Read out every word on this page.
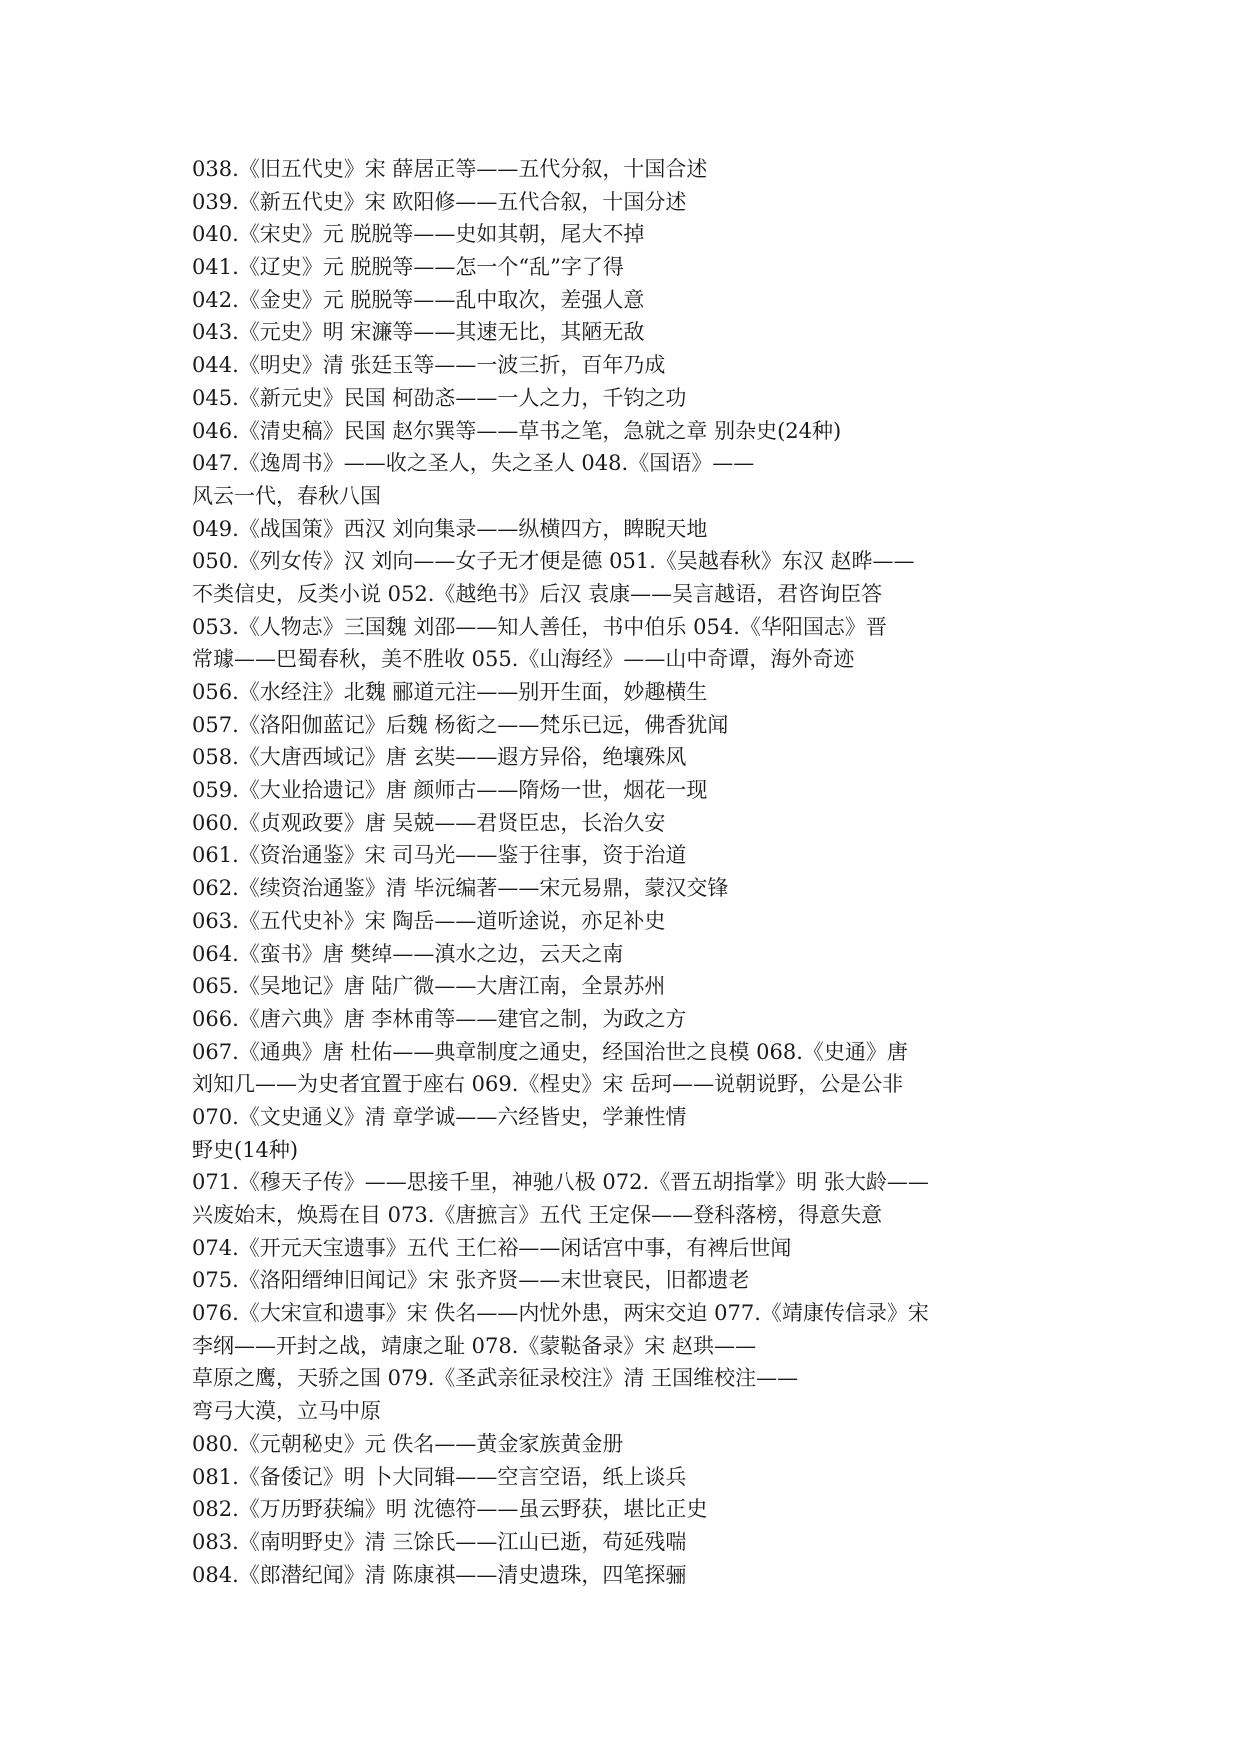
038.《旧五代史》宋 薛居正等——五代分叙，十国合述
039.《新五代史》宋 欧阳修——五代合叙，十国分述
040.《宋史》元 脱脱等——史如其朝，尾大不掉
041.《辽史》元 脱脱等——怎一个“乱”字了得
042.《金史》元 脱脱等——乱中取次，差强人意
043.《元史》明 宋濂等——其速无比，其陋无敌
044.《明史》清 张廷玉等——一波三折，百年乃成
045.《新元史》民国 柯劭忞——一人之力，千钧之功
046.《清史稿》民国 赵尔巽等——草书之笔，急就之章 别杂史(24种)
047.《逸周书》——收之圣人，失之圣人 048.《国语》——
风云一代，春秋八国
049.《战国策》西汉 刘向集录——纵横四方，睥睨天地
050.《列女传》汉 刘向——女子无才便是德 051.《吴越春秋》东汉 赵晔——
不类信史，反类小说 052.《越绝书》后汉 袁康——吴言越语，君咨询臣答
053.《人物志》三国魏 刘邵——知人善任，书中伯乐 054.《华阳国志》晋
常璩——巴蜀春秋，美不胜收 055.《山海经》——山中奇谭，海外奇迹
056.《水经注》北魏 郦道元注——别开生面，妙趣横生
057.《洛阳伽蓝记》后魏 杨衒之——梵乐已远，佛香犹闻
058.《大唐西域记》唐 玄奘——遐方异俗，绝壤殊风
059.《大业拾遗记》唐 颜师古——隋炀一世，烟花一现
060.《贞观政要》唐 吴兢——君贤臣忠，长治久安
061.《资治通鉴》宋 司马光——鉴于往事，资于治道
062.《续资治通鉴》清 毕沅编著——宋元易鼎，蒙汉交锋
063.《五代史补》宋 陶岳——道听途说，亦足补史
064.《蛮书》唐 樊绰——滇水之边，云天之南
065.《吴地记》唐 陆广微——大唐江南，全景苏州
066.《唐六典》唐 李林甫等——建官之制，为政之方
067.《通典》唐 杜佑——典章制度之通史，经国治世之良模 068.《史通》唐
刘知几——为史者宜置于座右 069.《桯史》宋 岳珂——说朝说野，公是公非
070.《文史通义》清 章学诚——六经皆史，学兼性情
野史(14种)
071.《穆天子传》——思接千里，神驰八极 072.《晋五胡指掌》明 张大龄——
兴废始末，焕焉在目 073.《唐摭言》五代 王定保——登科落榜，得意失意
074.《开元天宝遗事》五代 王仁裕——闲话宫中事，有裨后世闻
075.《洛阳缙绅旧闻记》宋 张齐贤——末世衰民，旧都遗老
076.《大宋宣和遗事》宋 佚名——内忧外患，两宋交迫 077.《靖康传信录》宋
李纲——开封之战，靖康之耻 078.《蒙鞑备录》宋 赵珙——
草原之鹰，天骄之国 079.《圣武亲征录校注》清 王国维校注——
弯弓大漠，立马中原
080.《元朝秘史》元 佚名——黄金家族黄金册
081.《备倭记》明 卜大同辑——空言空语，纸上谈兵
082.《万历野获编》明 沈德符——虽云野获，堪比正史
083.《南明野史》清 三馀氏——江山已逝，苟延残喘
084.《郎潜纪闻》清 陈康祺——清史遗珠，四笔探骊
